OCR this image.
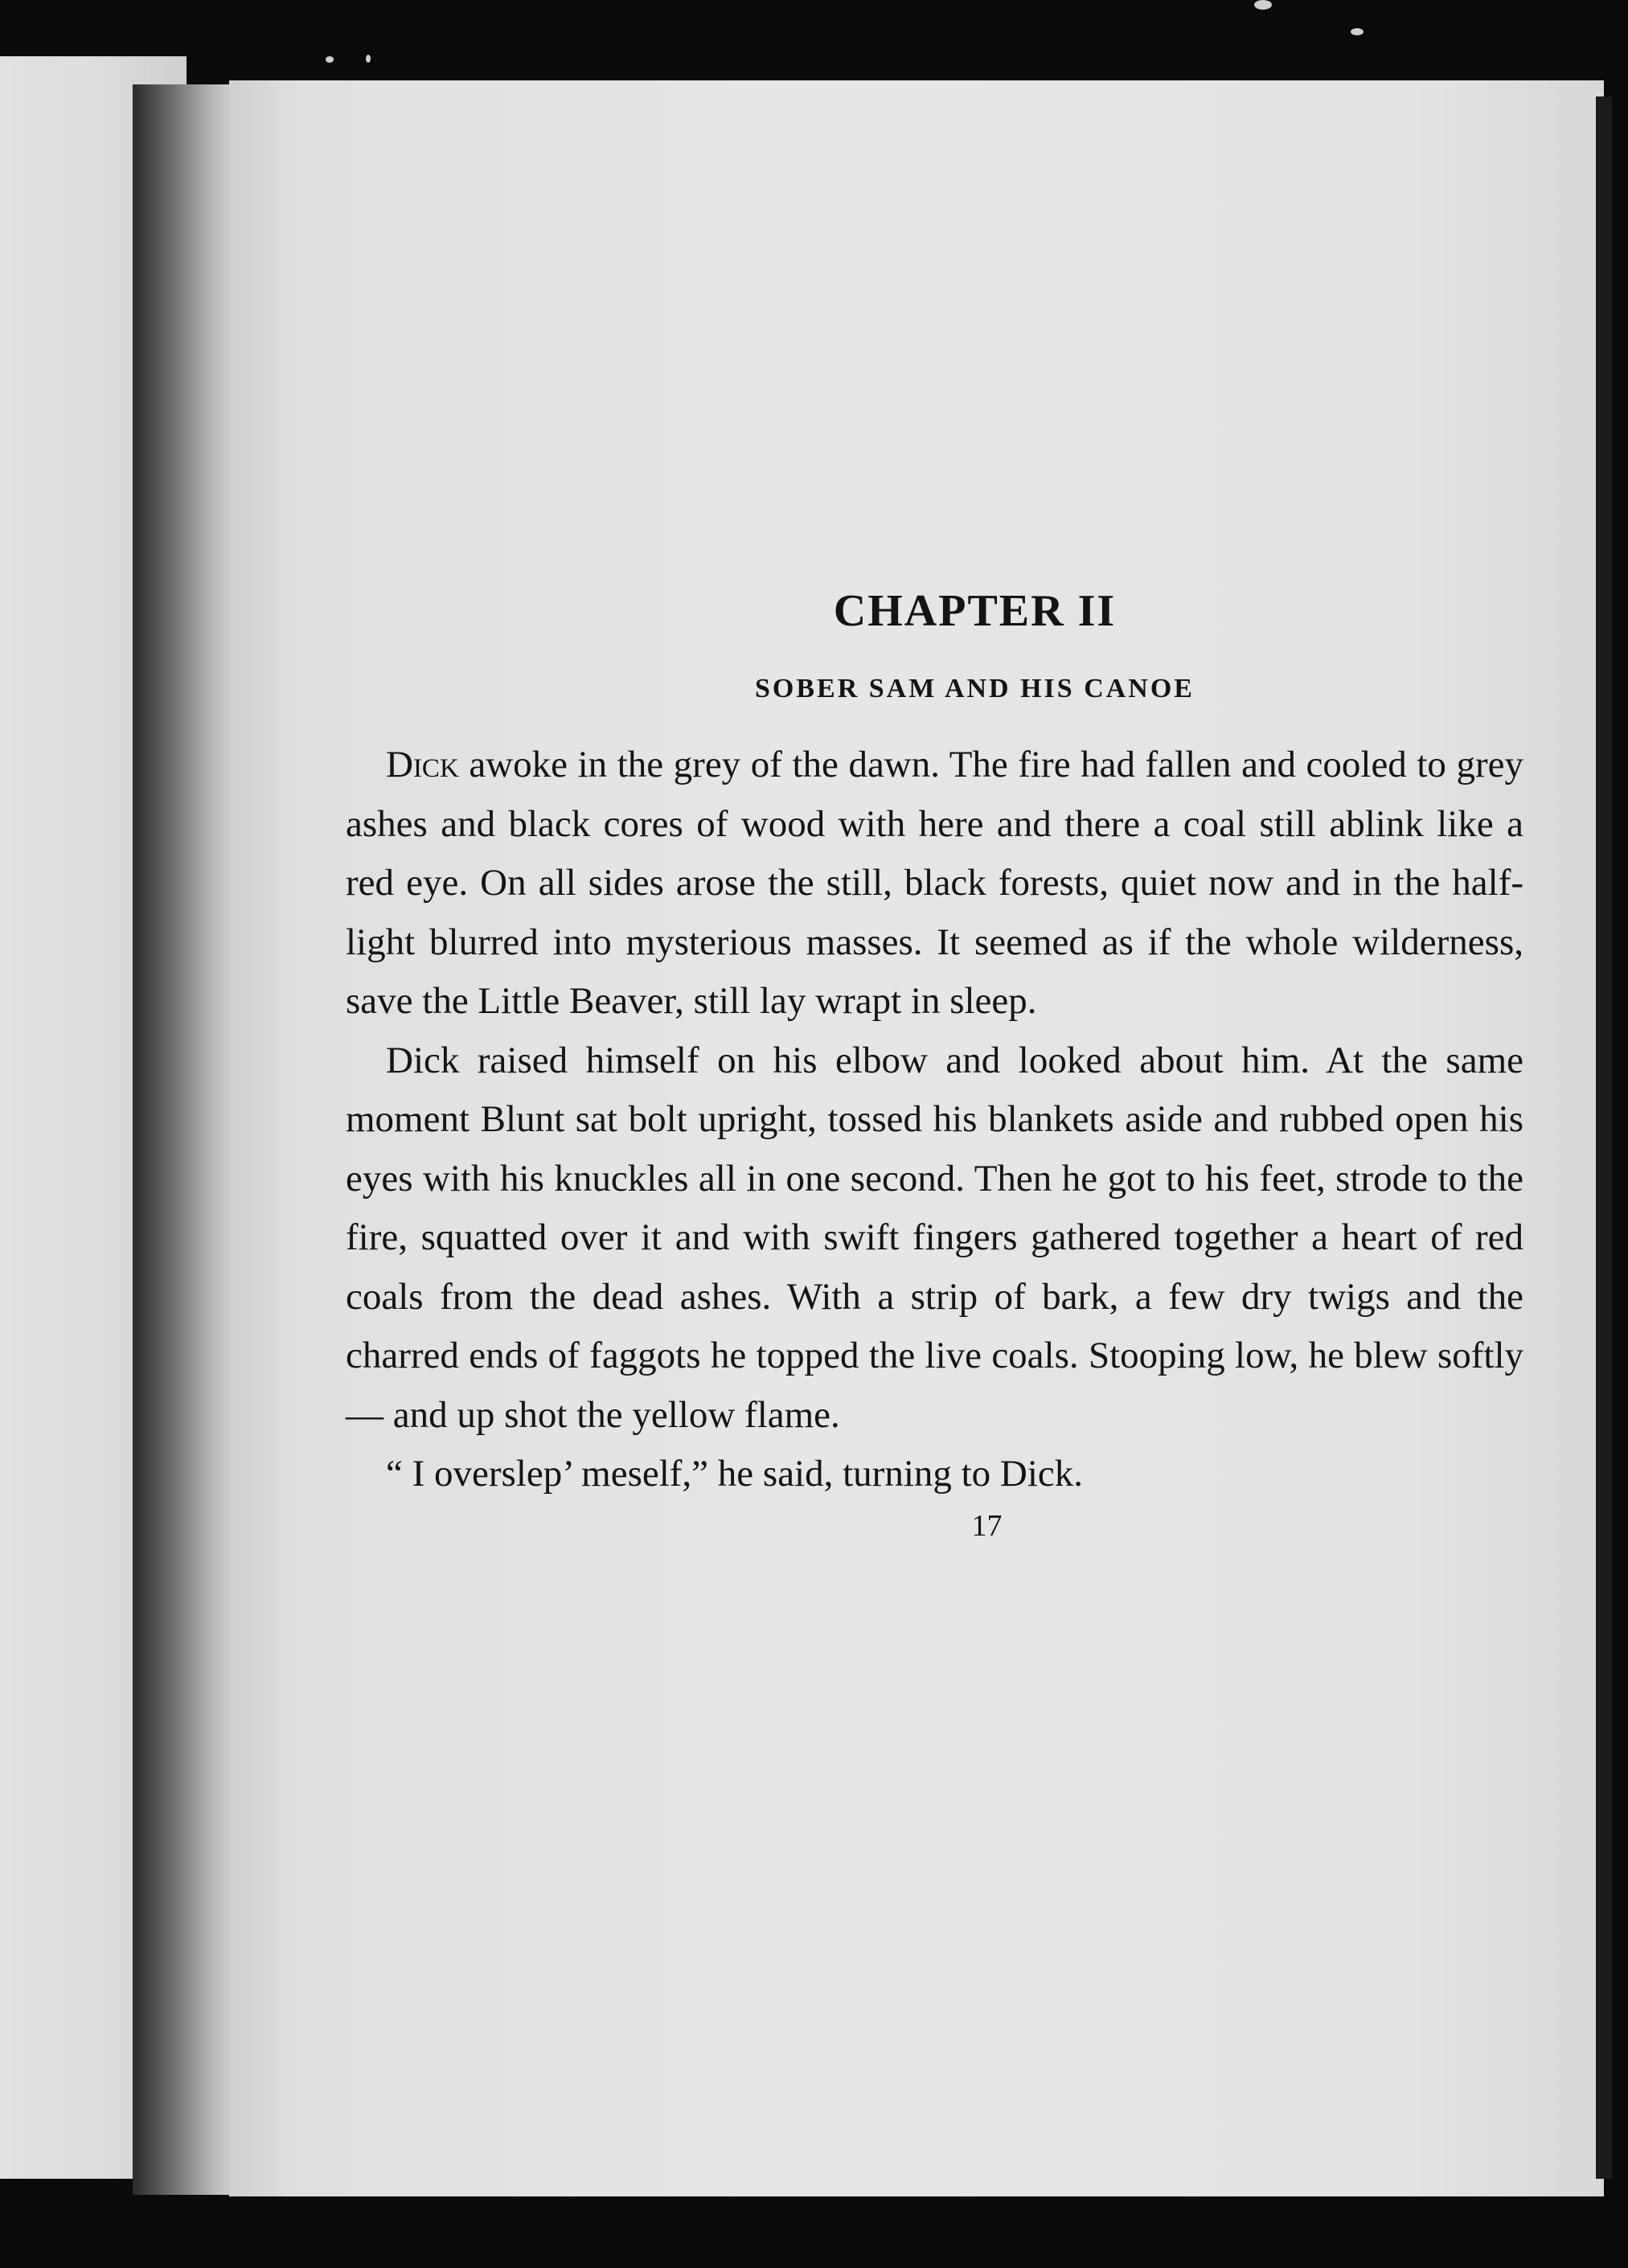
CHAPTER II
SOBER SAM AND HIS CANOE

Dick awoke in the grey of the dawn. The fire had fallen and cooled to grey ashes and black cores of wood with here and there a coal still ablink like a red eye. On all sides arose the still, black forests, quiet now and in the half-light blurred into mysterious masses. It seemed as if the whole wilderness, save the Little Beaver, still lay wrapt in sleep.

Dick raised himself on his elbow and looked about him. At the same moment Blunt sat bolt upright, tossed his blankets aside and rubbed open his eyes with his knuckles all in one second. Then he got to his feet, strode to the fire, squatted over it and with swift fingers gathered together a heart of red coals from the dead ashes. With a strip of bark, a few dry twigs and the charred ends of faggots he topped the live coals. Stooping low, he blew softly — and up shot the yellow flame.

“ I overslep’ meself,” he said, turning to Dick.

17
